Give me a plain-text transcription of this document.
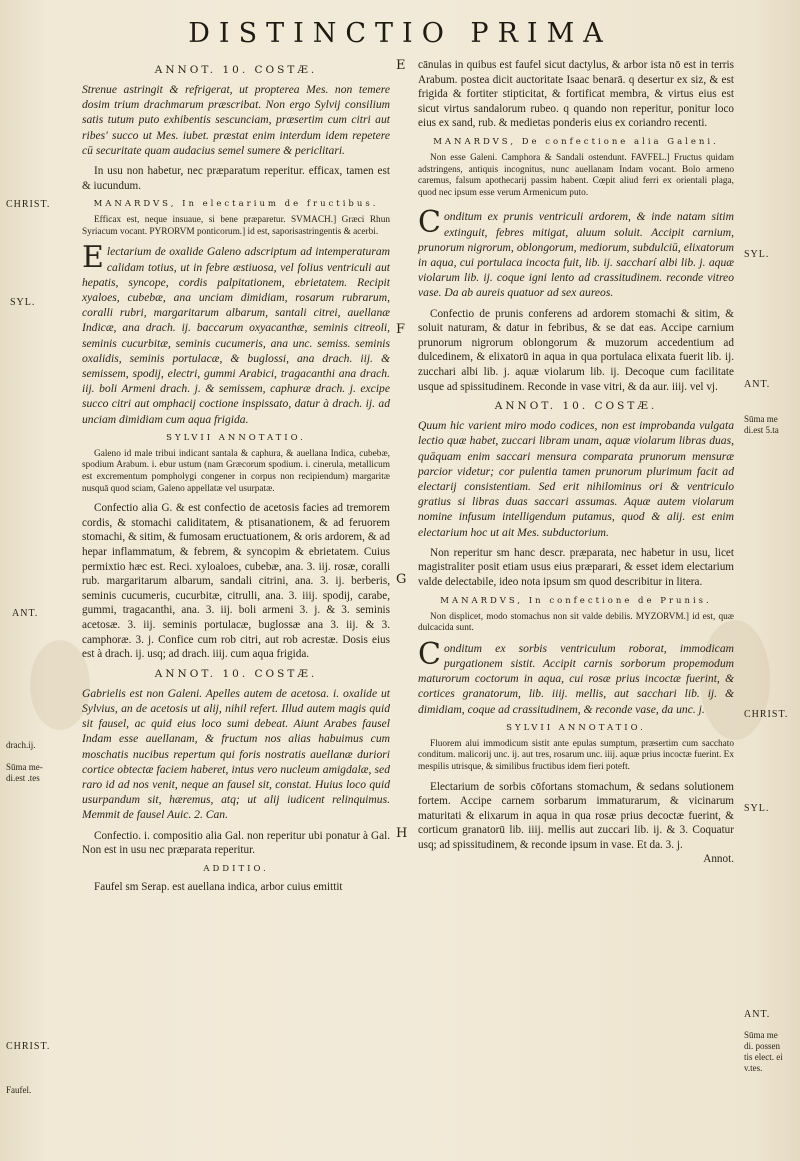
DISTINCTIO PRIMA
ANNOT. 10. COSTÆ.

Strenue astringit & refrigerat, ut propterea Mes. non temere dosim trium drachmarum præscribat. Non ergo Sylvij consilium satis tutum puto exhibentis sescunciam, præsertim cum citri aut ribes' succo ut Mes. iubet. præstat enim interdum idem repetere cū securitate quam audacius semel sumere & periclitari.

In usu non habetur, nec præparatum reperitur. efficax, tamen est & iucundum.

MANARDVS, In electarium de fructibus.

Efficax est, neque insuaue, si bene præparetur. SVMACH.] Græci Rhun Syriacum vocant. PYRORVM ponticorum.] id est, saporisastringentis & acerbi.

Electarium de oxalide Galeno adscriptum ad intemperaturam calidam totius, ut in febre æstiuosa, vel folius ventriculi aut hepatis, syncope, cordis palpitationem, ebrietatem. Recipit xyaloes, cubebæ, ana unciam dimidiam, rosarum rubrarum, coralli rubri, margaritarum albarum, santali citrei, auellanæ Indicæ, ana drach. ij. baccarum oxyacanthæ, seminis citreoli, seminis cucurbitæ, seminis cucumeris, ana unc. semiss. seminis oxalidis, seminis portulacæ, & buglossi, ana drach. iij. & semissem, spodij, electri, gummi Arabici, tragacanthi ana drach. iij. boli Armeni drach. j. & semissem, caphuræ drach. j. excipe succo citri aut omphacij coctione inspissato, datur à drach. ij. ad unciam dimidiam cum aqua frigida.

SYLVII ANNOTATIO.

Galeno id male tribui indicant santala & caphura, & auellana Indica, cubebæ, spodium Arabum. i. ebur ustum (nam Græcorum spodium. i. cinerula, metallicum est excrementum pompholygi congener in corpus non recipiendum) margaritæ nusquā quod sciam, Galeno appellatæ vel usurpatæ.

Confectio alia G. & est confectio de acetosis facies ad tremorem cordis, & stomachi caliditatem, & ptisanationem, & ad feruorem stomachi, & sitim, & fumosam eructuationem, & oris ardorem, & ad hepar inflammatum, & febrem, & syncopim & ebrietatem. Cuius permixtio hæc est. Reci. xyloaloes, cubebæ, ana. 3. iij. rosæ, coralli rub. margaritarum albarum, sandali citrini, ana. 3. ij. berberis, seminis cucumeris, cucurbitæ, citrulli, ana. 3. iiij. spodij, carabe, gummi, tragacanthi, ana. 3. iij. boli armeni 3. j. & 3. seminis acetosæ. 3. iij. seminis portulacæ, buglossæ ana 3. iij. & 3. camphoræ. 3. j. Confice cum rob citri, aut rob acrestæ. Dosis eius est à drach. ij. usq; ad drach. iiij. cum aqua frigida.

ANNOT. 10. COSTÆ.

Gabrielis est non Galeni. Apelles autem de acetosa. i. oxalide ut Sylvius, an de acetosis ut alij, nihil refert. Illud autem magis quid sit fausel, ac quid eius loco sumi debeat. Aiunt Arabes fausel Indam esse auellanam, & fructum nos alias habuimus cum moschatis nucibus repertum qui foris nostratis auellanæ duriori cortice obtectæ faciem haberet, intus vero nucleum amigdalæ, sed raro id ad nos venit, neque an fausel sit, constat. Huius loco quid usurpandum sit, hæremus, atq; ut alij iudicent relinquimus. Memmit de fausel Auic. 2. Can.

Confectio. i. compositio alia Gal. non reperitur ubi ponatur à Gal. Non est in usu nec præparata reperitur.

ADDITIO.

Faufel sm Serap. est auellana indica, arbor cuius emittit

cānulas in quibus est faufel sicut dactylus, & arbor ista nō est in terris Arabum. postea dicit auctoritate Isaac benarā. q desertur ex siz, & est frigida & fortiter stipticitat, & fortificat membra, & virtus eius est sicut virtus sandalorum rubeo. q quando non reperitur, ponitur loco eius ex sand, rub. & medietas ponderis eius ex coriandro recenti.

MANARDVS, De confectione alia Galeni.

Non esse Galeni. Camphora & Sandali ostendunt. FAVFEL.] Fructus quidam adstringens, antiquis incognitus, nunc auellanam Indam vocant. Bolo armeno caremus, falsum apothecarij passim habent. Cœpit aliud ferri ex orientali plaga, quod nec ipsum esse verum Armenicum puto.

Conditum ex prunis ventriculi ardorem, & inde natam sitim extinguit, febres mitigat, aluum soluit. Accipit carnium, prunorum nigrorum, oblongorum, mediorum, subdulciū, elixatorum in aqua, cui portulaca incocta fuit, lib. ij. saccharí albi lib. j. aquæ violarum lib. ij. coque igni lento ad crassitudinem. reconde vitreo vase. Da ab aureis quatuor ad sex aureos.

Confectio de prunis conferens ad ardorem stomachi & sitim, & soluit naturam, & datur in febribus, & se dat eas. Accipe carnium prunorum nigrorum oblongorum & muzorum accedentium ad dulcedinem, & elixatorū in aqua in qua portulaca elixata fuerit lib. ij. zucchari albi lib. j. aquæ violarum lib. ij. Decoque cum facilitate usque ad spissitudinem. Reconde in vase vitri, & da aur. iiij. vel vj.

ANNOT. 10. COSTÆ.

Quum hic varient miro modo codices, non est improbanda vulgata lectio quæ habet, zuccari libram unam, aquæ violarum libras duas, quāquam enim saccari mensura comparata prunorum mensuræ parcior videtur; cor pulentia tamen prunorum plurimum facit ad electarij consistentiam. Sed erit nihilominus ori & ventriculo gratius si libras duas saccari assumas. Aquæ autem violarum nomine infusum intelligendum putamus, quod & alij. est enim electarium hoc ut ait Mes. subductorium.

Non reperitur sm hanc descr. præparata, nec habetur in usu, licet magistraliter posit etiam usus eius præparari, & esset idem electarium valde delectabile, ideo nota ipsum sm quod describitur in litera.

MANARDVS, In confectione de Prunis.

Non displicet, modo stomachus non sit valde debilis. MYZORVM.] id est, quæ dulcacida sunt.

Conditum ex sorbis ventriculum roborat, immodicam purgationem sistit. Accipit carnis sorborum propemodum maturorum coctorum in aqua, cui rosæ prius incoctæ fuerint, & cortices granatorum, lib. iiij. mellis, aut sacchari lib. ij. & dimidiam, coque ad crassitudinem, & reconde vase, da unc. j.

SYLVII ANNOTATIO.

Fluorem alui immodicum sistit ante epulas sumptum, præsertim cum sacchato conditum. malicorij unc. ij. aut tres, rosarum unc. iiij. aquæ prius incoctæ fuerint. Ex mespilis utrisque, & similibus fructibus idem fieri poteft.

Electarium de sorbis cōfortans stomachum, & sedans solutionem fortem. Accipe carnem sorbarum immaturarum, & vicinarum maturitati & elixarum in aqua in qua rosæ prius decoctæ fuerint, & corticum granatorū lib. iiij. mellis aut zuccari lib. ij. & 3. Coquatur usq; ad spissitudinem, & reconde ipsum in vase. Et da. 3. j.

Annot.
CHRIST.
SYL.
ANT.
drach.ij.
Sūma me-
di.est .tes
CHRIST.
Faufel.
E
F
G
H
SYL.
ANT.
Sūma me
di.est 5.ta
CHRIST.
SYL.
ANT.
Sūma me
di. possen
tis elect. ei
v.tes.
